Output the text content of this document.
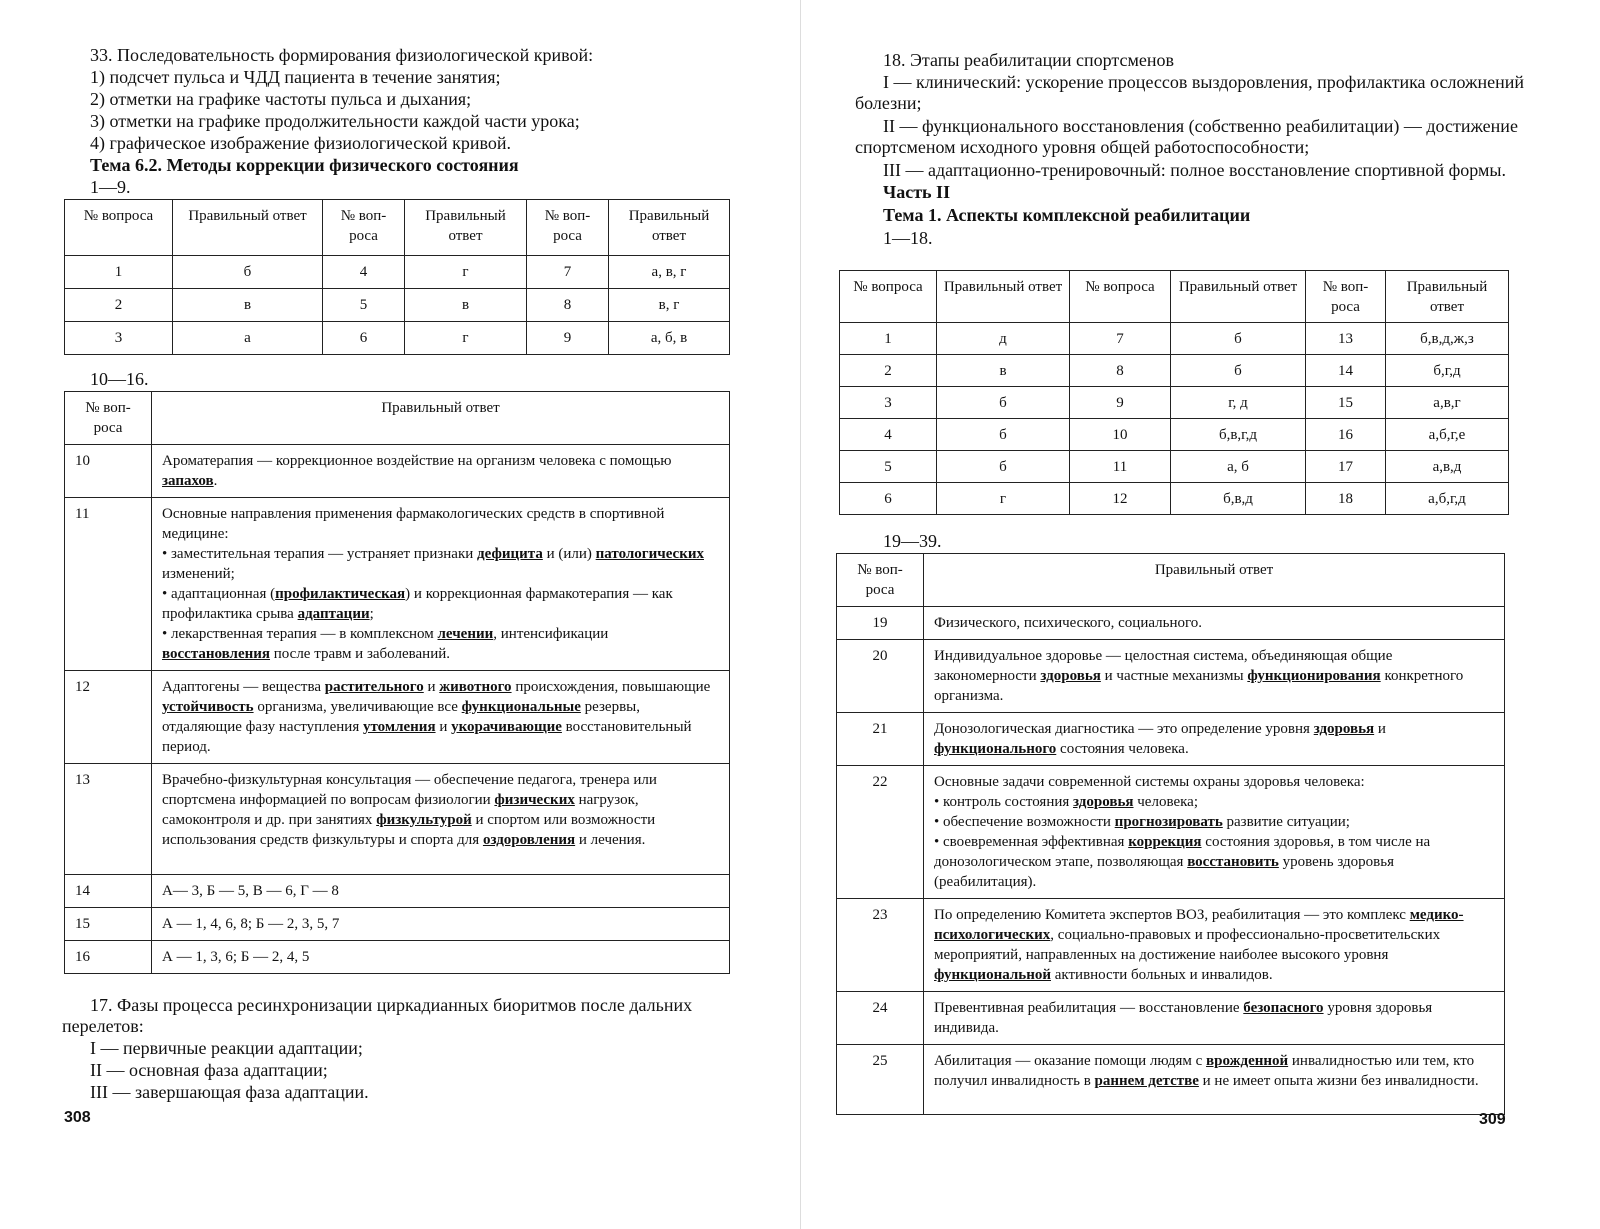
33. Последовательность формирования физиологической кривой:

1) подсчет пульса и ЧДД пациента в течение занятия;

2) отметки на графике частоты пульса и дыхания;

3) отметки на графике продолжительности каждой части урока;

4) графическое изображение физиологической кривой.

Тема 6.2. Методы коррекции физического состояния

1—9.

№ вопроса	Правильный ответ	№ воп-роса	Правильный ответ	№ воп-роса	Правильный ответ
1	б	4	г	7	а, в, г
2	в	5	в	8	в, г
3	а	6	г	9	а, б, в

10—16.

№ воп-роса	Правильный ответ
10	Ароматерапия — коррекционное воздействие на организм человека с помощью запахов.
11	Основные направления применения фармакологических средств в спортивной медицине:
• заместительная терапия — устраняет признаки дефицита и (или) патологических изменений;
• адаптационная (профилактическая) и коррекционная фармакотерапия — как профилактика срыва адаптации;
• лекарственная терапия — в комплексном лечении, интенсификации восстановления после травм и заболеваний.

12	Адаптогены — вещества растительного и животного происхождения, повышающие устойчивость организма, увеличивающие все функциональные резервы, отдаляющие фазу наступления утомления и укорачивающие восстановительный период.
13	Врачебно-физкультурная консультация — обеспечение педагога, тренера или спортсмена информацией по вопросам физиологии физических нагрузок, самоконтроля и др. при занятиях физкультурой и спортом или возможности использования средств физкультуры и спорта для оздоровления и лечения.
14	А— 3, Б — 5, В — 6, Г — 8
15	А — 1, 4, 6, 8; Б — 2, 3, 5, 7
16	А — 1, 3, 6; Б — 2, 4, 5

17. Фазы процесса ресинхронизации циркадианных биоритмов после дальних перелетов:

I — первичные реакции адаптации;

II — основная фаза адаптации;

III — завершающая фаза адаптации.

308

18. Этапы реабилитации спортсменов

I — клинический: ускорение процессов выздоровления, профилактика осложнений болезни;

II — функционального восстановления (собственно реабилитации) — достижение спортсменом исходного уровня общей работоспособности;

III — адаптационно-тренировочный: полное восстановление спортивной формы.

Часть II

Тема 1. Аспекты комплексной реабилитации

1—18.

№ вопроса	Правильный ответ	№ вопроса	Правильный ответ	№ воп-роса	Правильный ответ
1	д	7	б	13	б,в,д,ж,з
2	в	8	б	14	б,г,д
3	б	9	г, д	15	а,в,г
4	б	10	б,в,г,д	16	а,б,г,е
5	б	11	а, б	17	а,в,д
6	г	12	б,в,д	18	а,б,г,д

19—39.

№ воп-роса	Правильный ответ
19	Физического, психического, социального.
20	Индивидуальное здоровье — целостная система, объединяющая общие закономерности здоровья и частные механизмы функционирования конкретного организма.
21	Донозологическая диагностика — это определение уровня здоровья и функционального состояния человека.
22	Основные задачи современной системы охраны здоровья человека:
• контроль состояния здоровья человека;
• обеспечение возможности прогнозировать развитие ситуации;
• своевременная эффективная коррекция состояния здоровья, в том числе на донозологическом этапе, позволяющая восстановить уровень здоровья (реабилитация).

23	По определению Комитета экспертов ВОЗ, реабилитация — это комплекс медико-психологических, социально-правовых и профессионально-просветительских мероприятий, направленных на достижение наиболее высокого уровня функциональной активности больных и инвалидов.
24	Превентивная реабилитация — восстановление безопасного уровня здоровья индивида.
25	Абилитация — оказание помощи людям с врожденной инвалидностью или тем, кто получил инвалидность в раннем детстве и не имеет опыта жизни без инвалидности.
309
